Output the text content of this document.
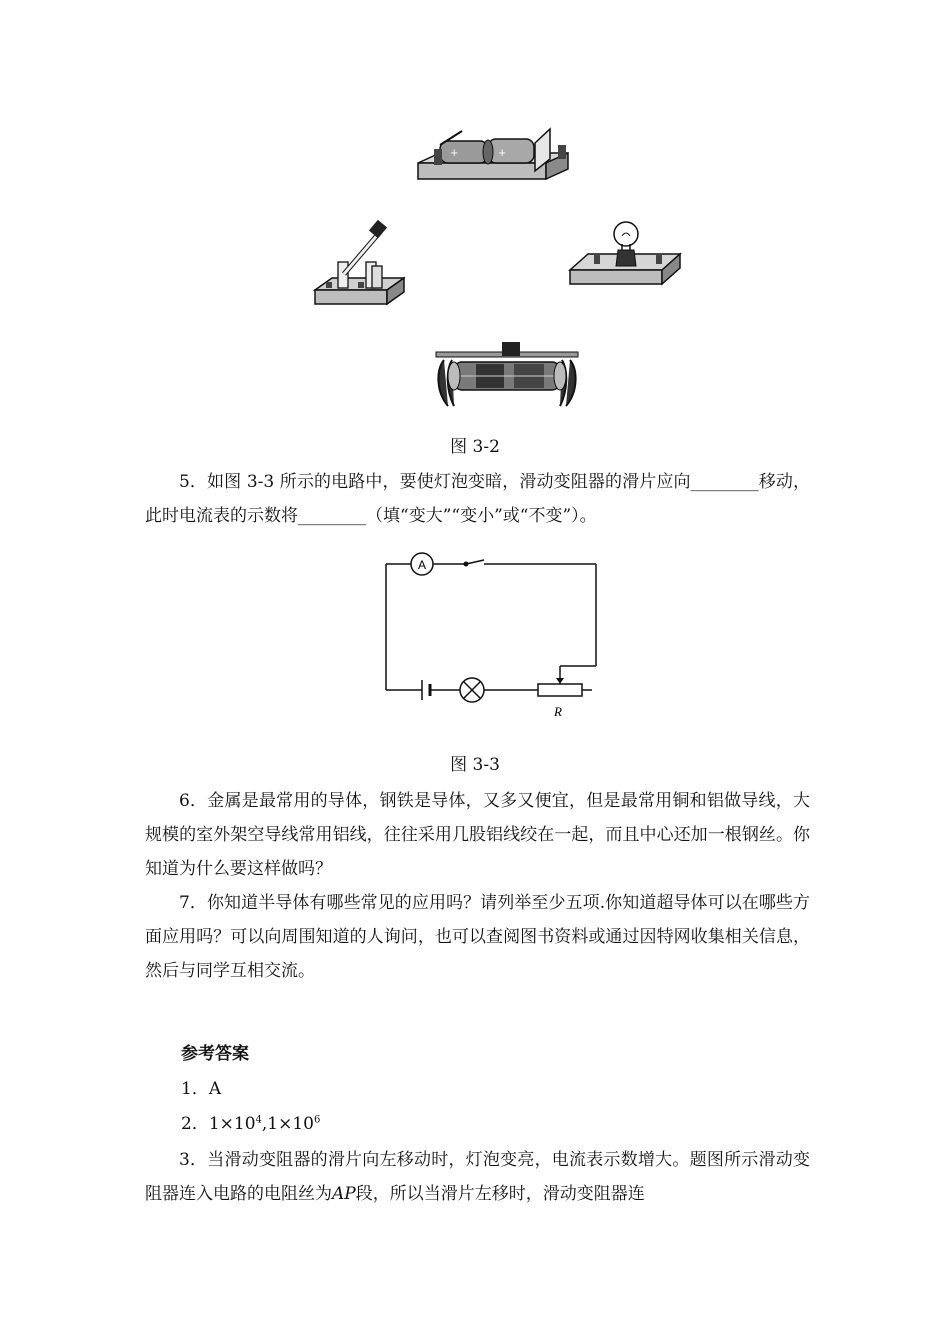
+	+
图 3-2
5．如图 3-3 所示的电路中，要使灯泡变暗，滑动变阻器的滑片应向________移动，此时电流表的示数将________（填“变大”“变小”或“不变”）。
A
R
图 3-3
6．金属是最常用的导体，钢铁是导体，又多又便宜，但是最常用铜和铝做导线，大规模的室外架空导线常用铝线，往往采用几股铝线绞在一起，而且中心还加一根钢丝。你知道为什么要这样做吗？
7．你知道半导体有哪些常见的应用吗？请列举至少五项.你知道超导体可以在哪些方面应用吗？可以向周围知道的人询问，也可以查阅图书资料或通过因特网收集相关信息，然后与同学互相交流。
参考答案
1．A
2．$1\times 10^4,1\times 10^6$
3．当滑动变阻器的滑片向左移动时，灯泡变亮，电流表示数增大。题图所示滑动变阻器连入电路的电阻丝为AP段，所以当滑片左移时，滑动变阻器连
